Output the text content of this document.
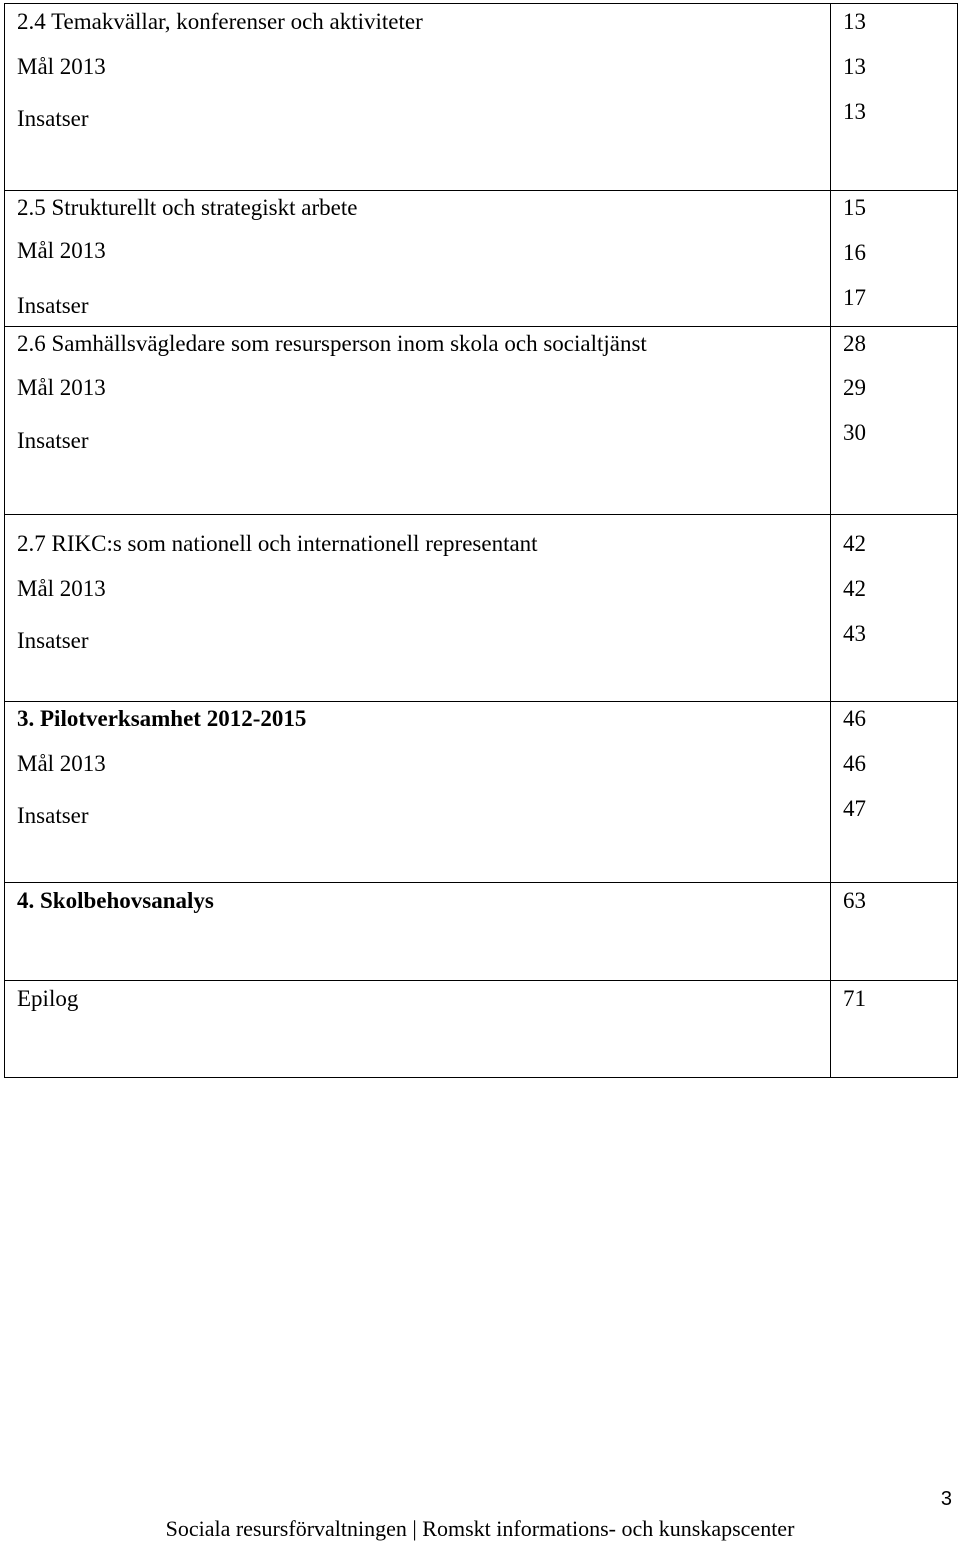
2.4 Temakvällar, konferenser och aktiviteter	13
Mål 2013	13
Insatser	13
2.5 Strukturellt och strategiskt arbete	15
Mål 2013	16
Insatser	17
2.6 Samhällsvägledare som resursperson inom skola och socialtjänst	28
Mål 2013	29
Insatser	30
2.7 RIKC:s som nationell och internationell representant	42
Mål 2013	42
Insatser	43
3. Pilotverksamhet 2012-2015	46
Mål 2013	46
Insatser	47
4. Skolbehovsanalys	63
Epilog	71
3
Sociala resursförvaltningen | Romskt informations- och kunskapscenter
